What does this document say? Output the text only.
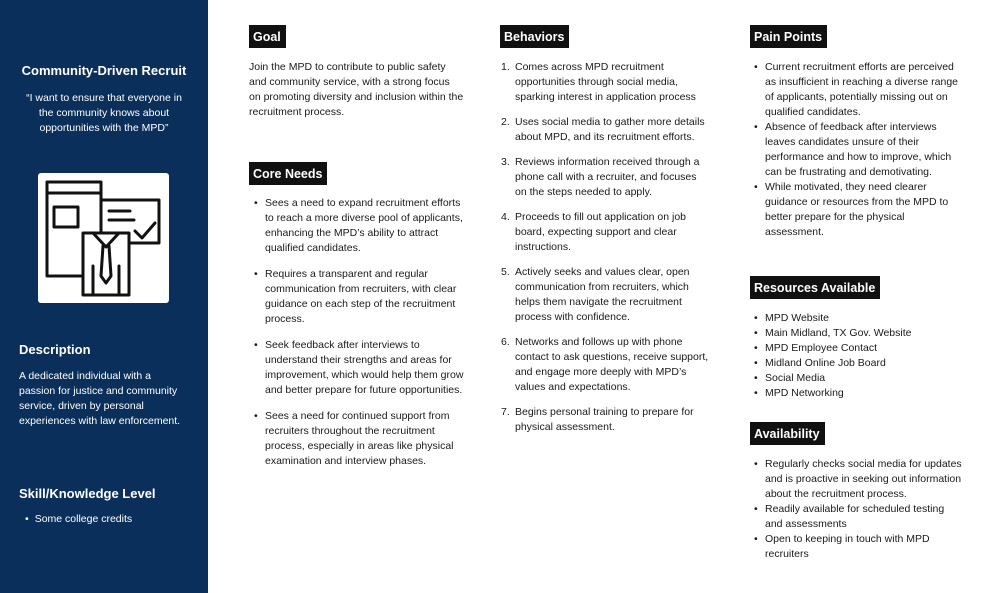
Community-Driven Recruit
“I want to ensure that everyone in the community knows about opportunities with the MPD”
Description
A dedicated individual with a passion for justice and community service, driven by personal experiences with law enforcement.
Skill/Knowledge Level
• Some college credits
Goal
Join the MPD to contribute to public safety and community service, with a strong focus on promoting diversity and inclusion within the recruitment process.
Core Needs
• Sees a need to expand recruitment efforts to reach a more diverse pool of applicants, enhancing the MPD’s ability to attract qualified candidates.
• Requires a transparent and regular communication from recruiters, with clear guidance on each step of the recruitment process.
• Seek feedback after interviews to understand their strengths and areas for improvement, which would help them grow and better prepare for future opportunities.
• Sees a need for continued support from recruiters throughout the recruitment process, especially in areas like physical examination and interview phases.
Behaviors
1. Comes across MPD recruitment opportunities through social media, sparking interest in application process
2. Uses social media to gather more details about MPD, and its recruitment efforts.
3. Reviews information received through a phone call with a recruiter, and focuses on the steps needed to apply.
4. Proceeds to fill out application on job board, expecting support and clear instructions.
5. Actively seeks and values clear, open communication from recruiters, which helps them navigate the recruitment process with confidence.
6. Networks and follows up with phone contact to ask questions, receive support, and engage more deeply with MPD’s values and expectations.
7. Begins personal training to prepare for physical assessment.
Pain Points
• Current recruitment efforts are perceived as insufficient in reaching a diverse range of applicants, potentially missing out on qualified candidates.
• Absence of feedback after interviews leaves candidates unsure of their performance and how to improve, which can be frustrating and demotivating.
• While motivated, they need clearer guidance or resources from the MPD to better prepare for the physical assessment.
Resources Available
• MPD Website
• Main Midland, TX Gov. Website
• MPD Employee Contact
• Midland Online Job Board
• Social Media
• MPD Networking
Availability
• Regularly checks social media for updates and is proactive in seeking out information about the recruitment process.
• Readily available for scheduled testing and assessments
• Open to keeping in touch with MPD recruiters
